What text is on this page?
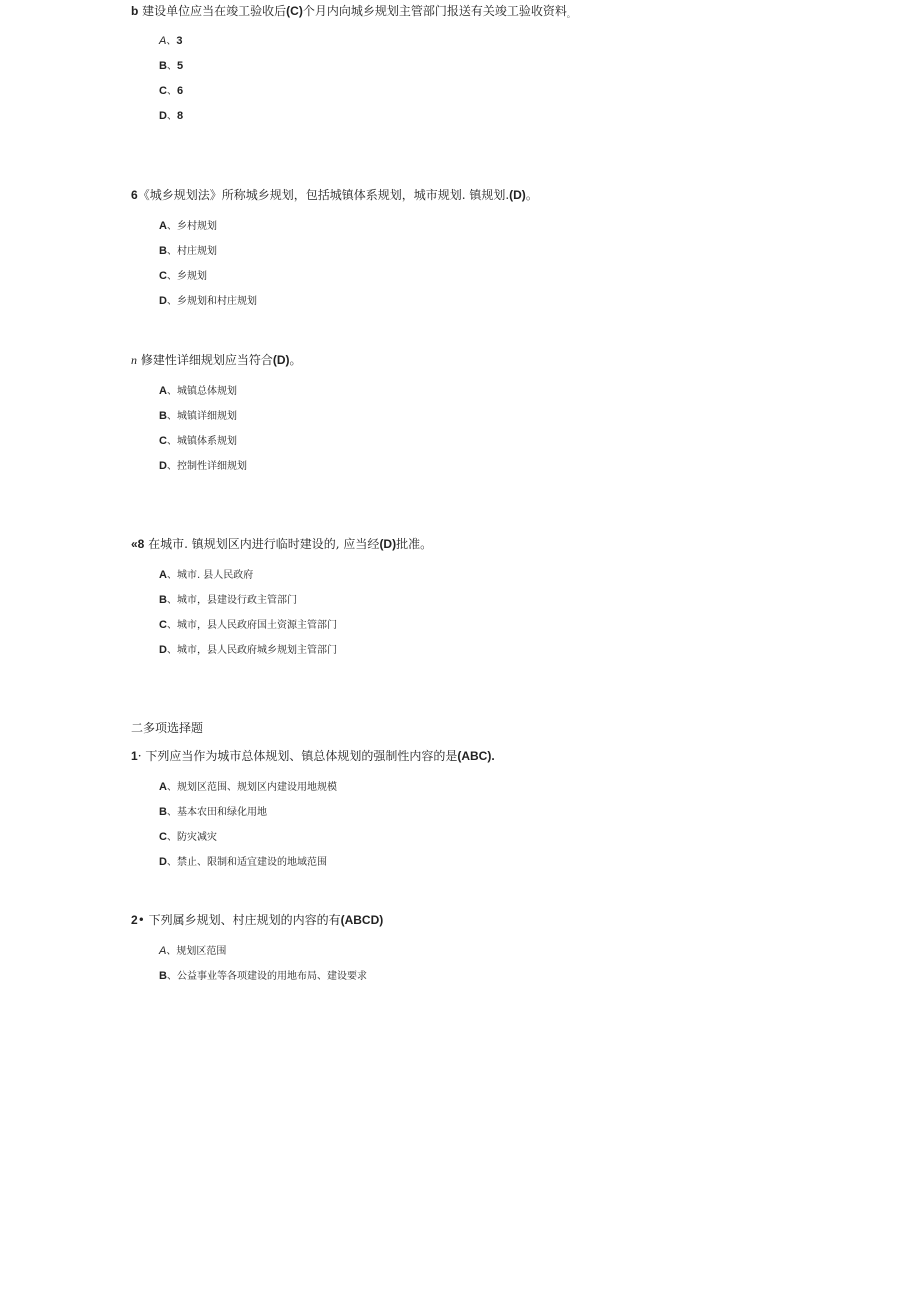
b 建设单位应当在竣工验收后(C)个月内向城乡规划主管部门报送有关竣工验收资料。
A、3
B、5
C、6
D、8
6《城乡规划法》所称城乡规划，包括城镇体系规划，城市规划. 镇规划.(D)。
A、乡村规划
B、村庄规划
C、乡规划
D、乡规划和村庄规划
n 修建性详细规划应当符合(D)。
A、城镇总体规划
B、城镇详细规划
C、城镇体系规划
D、控制性详细规划
«8 在城市. 镇规划区内进行临时建设的, 应当经(D)批准。
A、城市. 县人民政府
B、城市，县建设行政主管部门
C、城市，县人民政府国土资源主管部门
D、城市，县人民政府城乡规划主管部门
二多项选择题
1· 下列应当作为城市总体规划、镇总体规划的强制性内容的是(ABC).
A、规划区范围、规划区内建设用地规模
B、基本农田和绿化用地
C、防灾减灾
D、禁止、限制和适宜建设的地域范围
2• 下列属乡规划、村庄规划的内容的有(ABCD)
A、规划区范围
B、公益事业等各项建设的用地布局、建设要求
